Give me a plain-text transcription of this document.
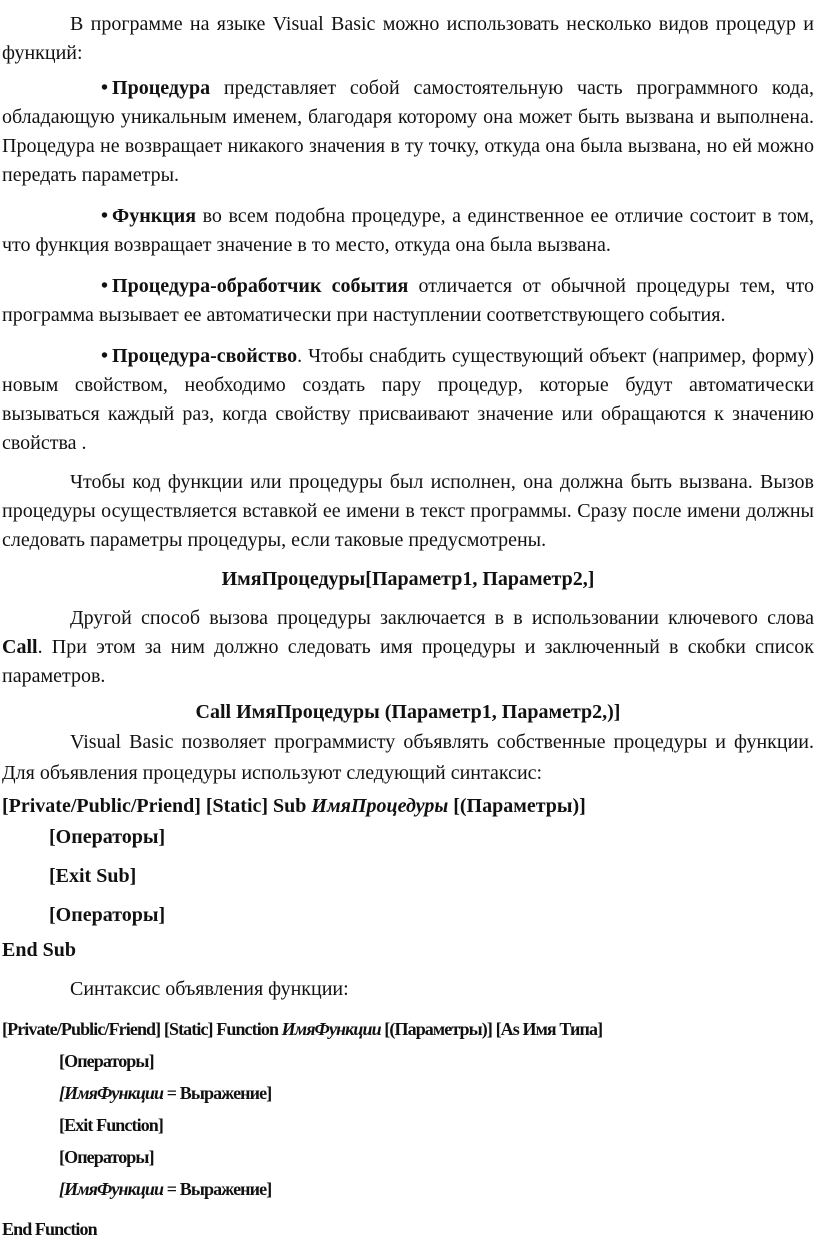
В программе на языке Visual Basic можно использовать несколько видов процедур и функций:

• Процедура представляет собой самостоятельную часть программного кода, обладающую уникальным именем, благодаря которому она может быть вызвана и выполнена. Процедура не возвращает никакого значения в ту точку, откуда она была вызвана, но ей можно передать параметры.

• Функция во всем подобна процедуре, а единственное ее отличие состоит в том, что функция возвращает значение в то место, откуда она была вызвана.

• Процедура-обработчик события отличается от обычной процедуры тем, что программа вызывает ее автоматически при наступлении соответствующего события.

• Процедура-свойство. Чтобы снабдить существующий объект (например, форму) новым свойством, необходимо создать пару процедур, которые будут автоматически вызываться каждый раз, когда свойству присваивают значение или обращаются к значению свойства .

Чтобы код функции или процедуры был исполнен, она должна быть вызвана. Вызов процедуры осуществляется вставкой ее имени в текст программы. Сразу после имени должны следовать параметры процедуры, если таковые предусмотрены.

ИмяПроцедуры[Параметр1, Параметр2,]

Другой способ вызова процедуры заключается в в использовании ключевого слова Call. При этом за ним должно следовать имя процедуры и заключенный в скобки список параметров.

Call ИмяПроцедуры (Параметр1, Параметр2,)]

Visual Basic позволяет программисту объявлять собственные процедуры и функции. Для объявления процедуры используют следующий синтаксис:

[Private/Public/Priend] [Static] Sub ИмяПроцедуры [(Параметры)]

[Операторы]

[Exit Sub]

[Операторы]

End Sub

Синтаксис объявления функции:

[Private/Public/Friend] [Static] Function ИмяФункции [(Параметры)] [As Имя Типа]

[Операторы]

[ИмяФункции = Выражение]

[Exit Function]

[Операторы]

[ИмяФункции = Выражение]

End Function
